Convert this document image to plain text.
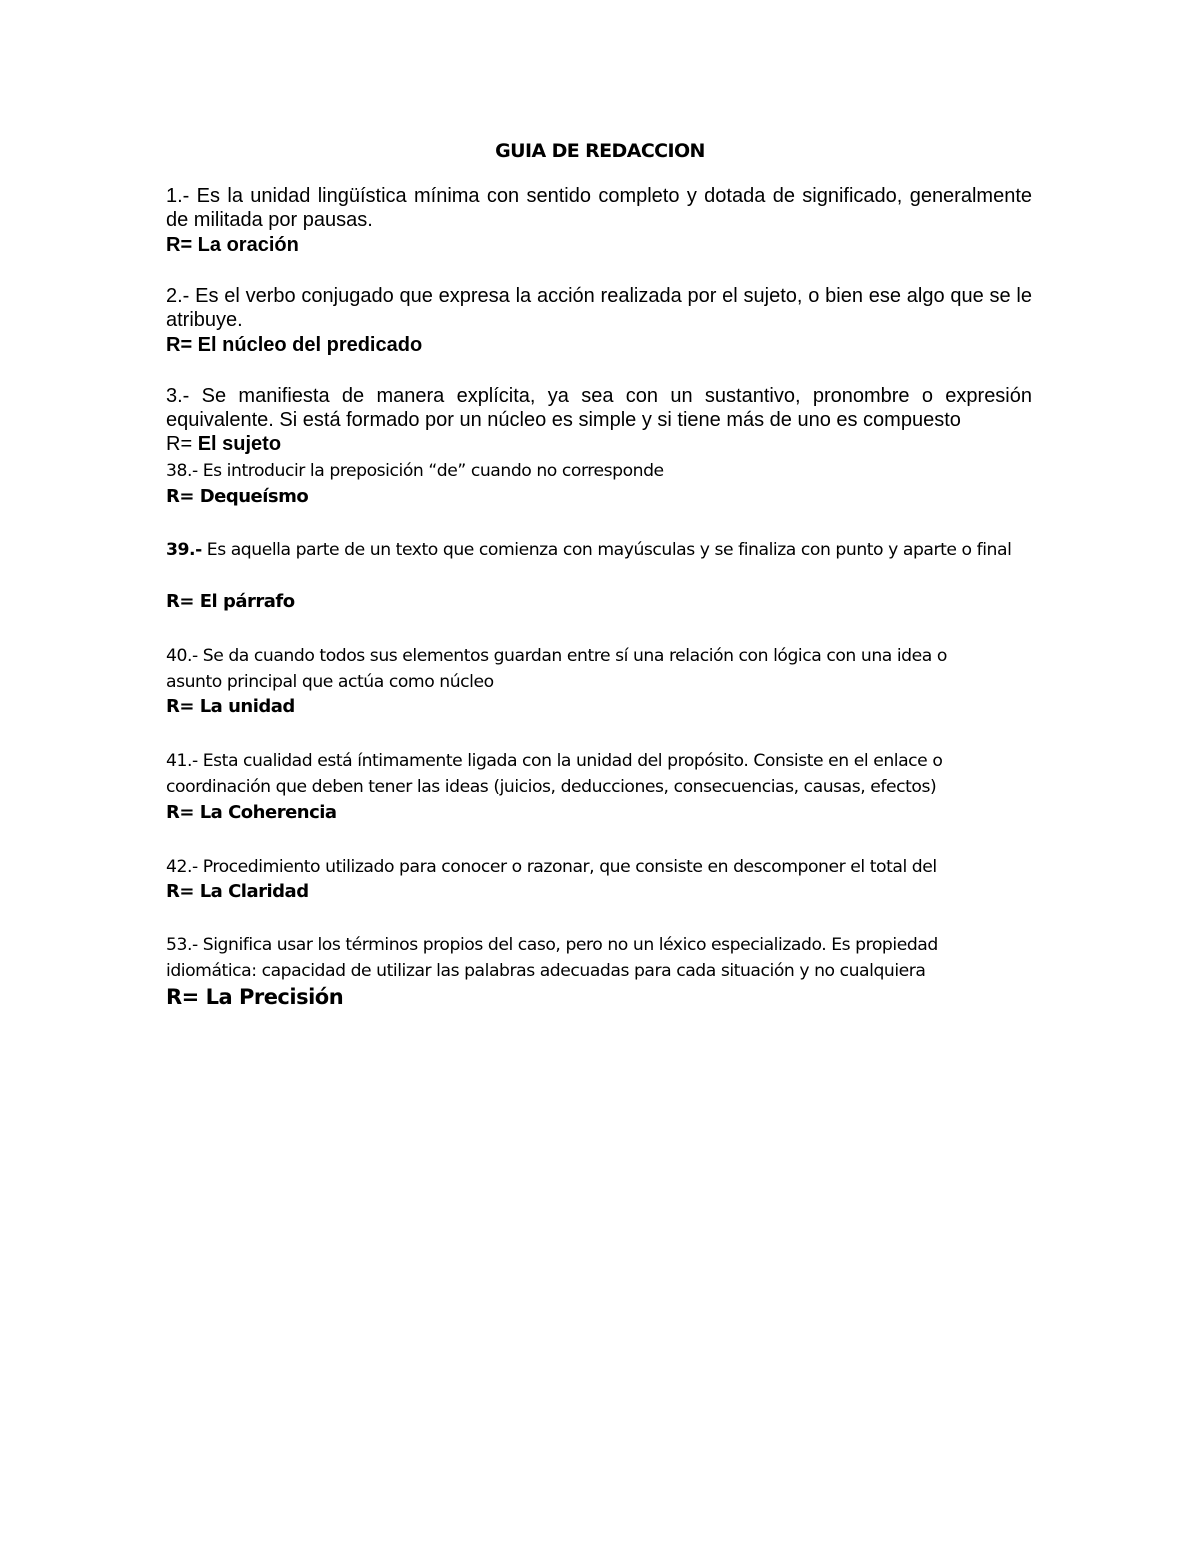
GUIA DE REDACCION
1.- Es la unidad lingüística mínima con sentido completo y dotada de significado, generalmente de militada por pausas.
R= La oración
2.- Es el verbo conjugado que expresa la acción realizada por el sujeto, o bien ese algo que se le atribuye.
R= El núcleo del predicado
3.- Se manifiesta de manera explícita, ya sea con un sustantivo, pronombre o expresión equivalente. Si está formado por un núcleo es simple y si tiene más de uno es compuesto
R= El sujeto
38.- Es introducir la preposición “de” cuando no corresponde
R= Dequeísmo
39.- Es aquella parte de un texto que comienza con mayúsculas y se finaliza con punto y aparte o final
R= El párrafo
40.- Se da cuando todos sus elementos guardan entre sí una relación con lógica con una idea o asunto principal que actúa como núcleo
R= La unidad
41.- Esta cualidad está íntimamente ligada con la unidad del propósito. Consiste en el enlace o coordinación que deben tener las ideas (juicios, deducciones, consecuencias, causas, efectos)
R= La Coherencia
42.- Procedimiento utilizado para conocer o razonar, que consiste en descomponer el total del
R= La Claridad
53.- Significa usar los términos propios del caso, pero no un léxico especializado. Es propiedad idiomática: capacidad de utilizar las palabras adecuadas para cada situación y no cualquiera
R= La Precisión
